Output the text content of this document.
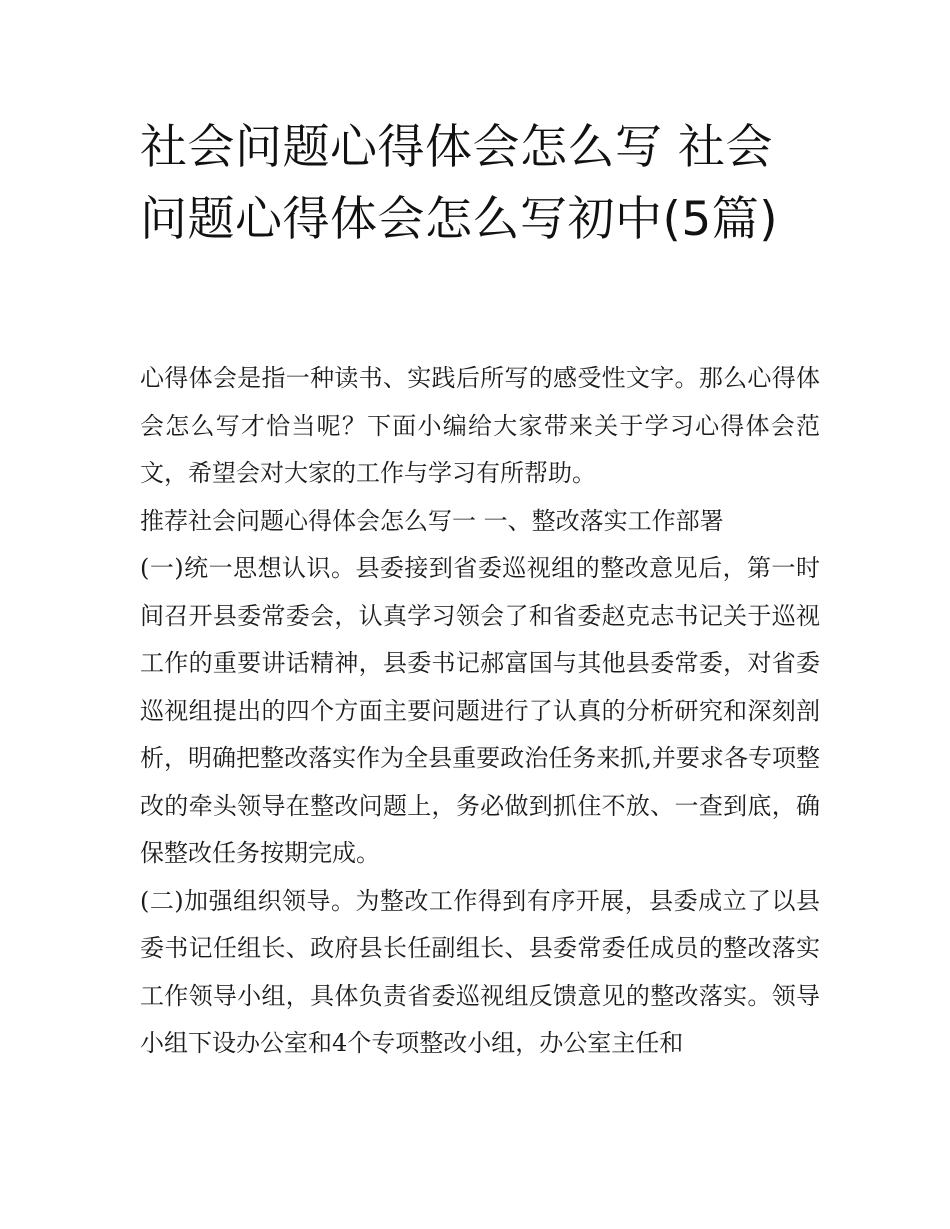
社会问题心得体会怎么写 社会问题心得体会怎么写初中(5篇)

心得体会是指一种读书、实践后所写的感受性文字。那么心得体会怎么写才恰当呢？下面小编给大家带来关于学习心得体会范文，希望会对大家的工作与学习有所帮助。

推荐社会问题心得体会怎么写一 一、整改落实工作部署

(一)统一思想认识。县委接到省委巡视组的整改意见后，第一时间召开县委常委会，认真学习领会了和省委赵克志书记关于巡视工作的重要讲话精神，县委书记郝富国与其他县委常委，对省委巡视组提出的四个方面主要问题进行了认真的分析研究和深刻剖析，明确把整改落实作为全县重要政治任务来抓,并要求各专项整改的牵头领导在整改问题上，务必做到抓住不放、一查到底，确保整改任务按期完成。

(二)加强组织领导。为整改工作得到有序开展，县委成立了以县委书记任组长、政府县长任副组长、县委常委任成员的整改落实工作领导小组，具体负责省委巡视组反馈意见的整改落实。领导小组下设办公室和4个专项整改小组，办公室主任和
